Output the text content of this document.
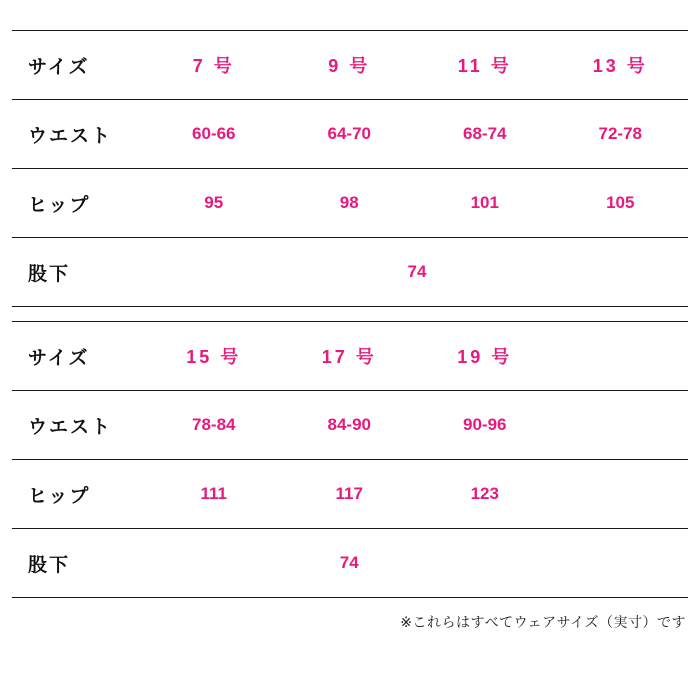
サイズ	7 号	9 号	11 号	13 号
ウエスト	60-66	64-70	68-74	72-78
ヒップ	95	98	101	105
股下	74			
サイズ	15 号	17 号	19 号	
ウエスト	78-84	84-90	90-96	
ヒップ	111	117	123	
股下		74		
※これらはすべてウェアサイズ（実寸）です
